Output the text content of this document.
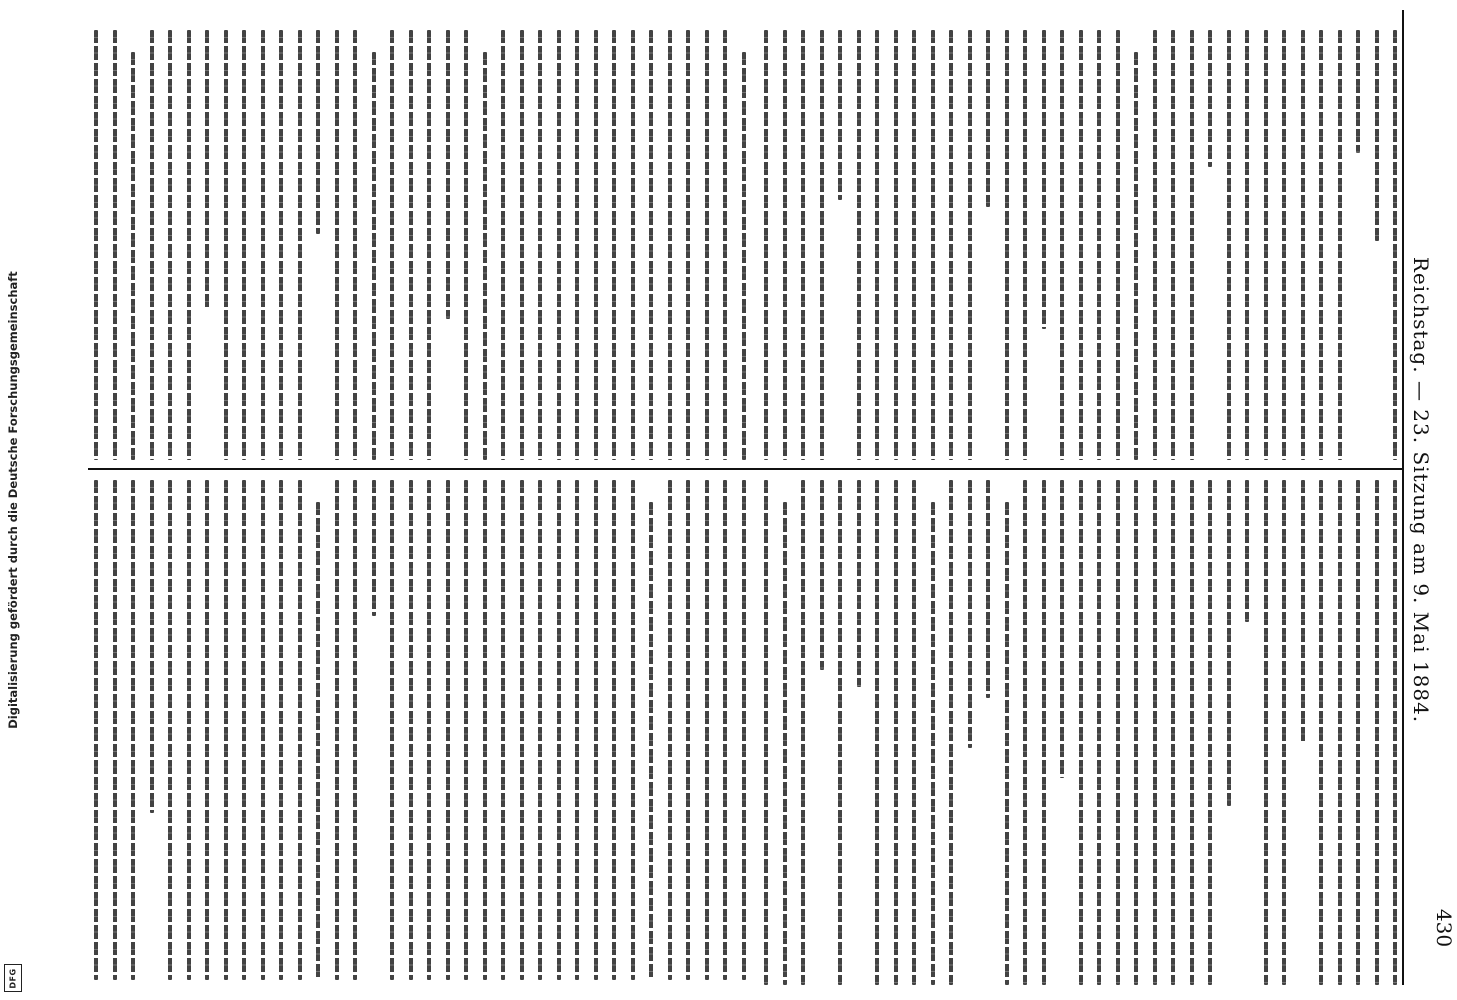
Digitalisierung gefördert durch die Deutsche Forschungsgemeinschaft
DFG
Reichstag. — 23. Sitzung am 9. Mai 1884.
430
